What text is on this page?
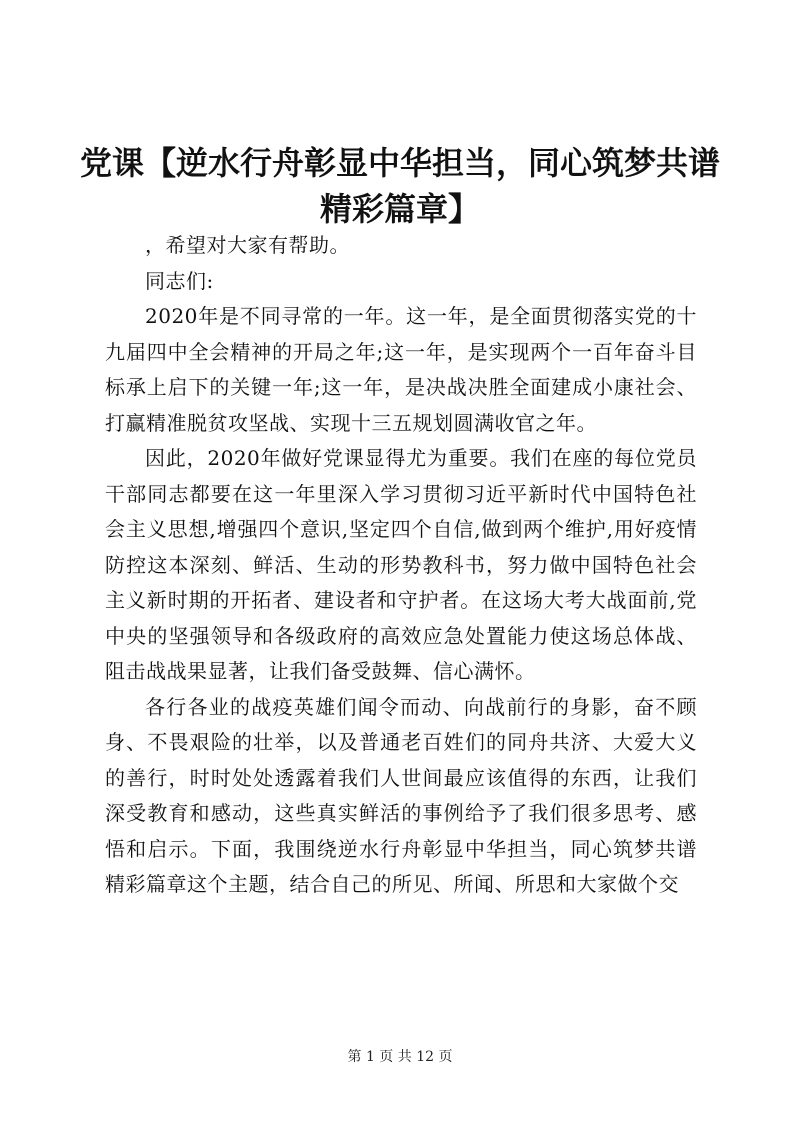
党课【逆水行舟彰显中华担当，同心筑梦共谱精彩篇章】

，希望对大家有帮助。

同志们:

2020年是不同寻常的一年。这一年，是全面贯彻落实党的十九届四中全会精神的开局之年;这一年，是实现两个一百年奋斗目标承上启下的关键一年;这一年，是决战决胜全面建成小康社会、打赢精准脱贫攻坚战、实现十三五规划圆满收官之年。

因此，2020年做好党课显得尤为重要。我们在座的每位党员干部同志都要在这一年里深入学习贯彻习近平新时代中国特色社会主义思想,增强四个意识,坚定四个自信,做到两个维护,用好疫情防控这本深刻、鲜活、生动的形势教科书，努力做中国特色社会主义新时期的开拓者、建设者和守护者。在这场大考大战面前,党中央的坚强领导和各级政府的高效应急处置能力使这场总体战、阻击战战果显著，让我们备受鼓舞、信心满怀。

各行各业的战疫英雄们闻令而动、向战前行的身影，奋不顾身、不畏艰险的壮举，以及普通老百姓们的同舟共济、大爱大义的善行，时时处处透露着我们人世间最应该值得的东西，让我们深受教育和感动，这些真实鲜活的事例给予了我们很多思考、感悟和启示。下面，我围绕逆水行舟彰显中华担当，同心筑梦共谱精彩篇章这个主题，结合自己的所见、所闻、所思和大家做个交

第 1 页 共 12 页
